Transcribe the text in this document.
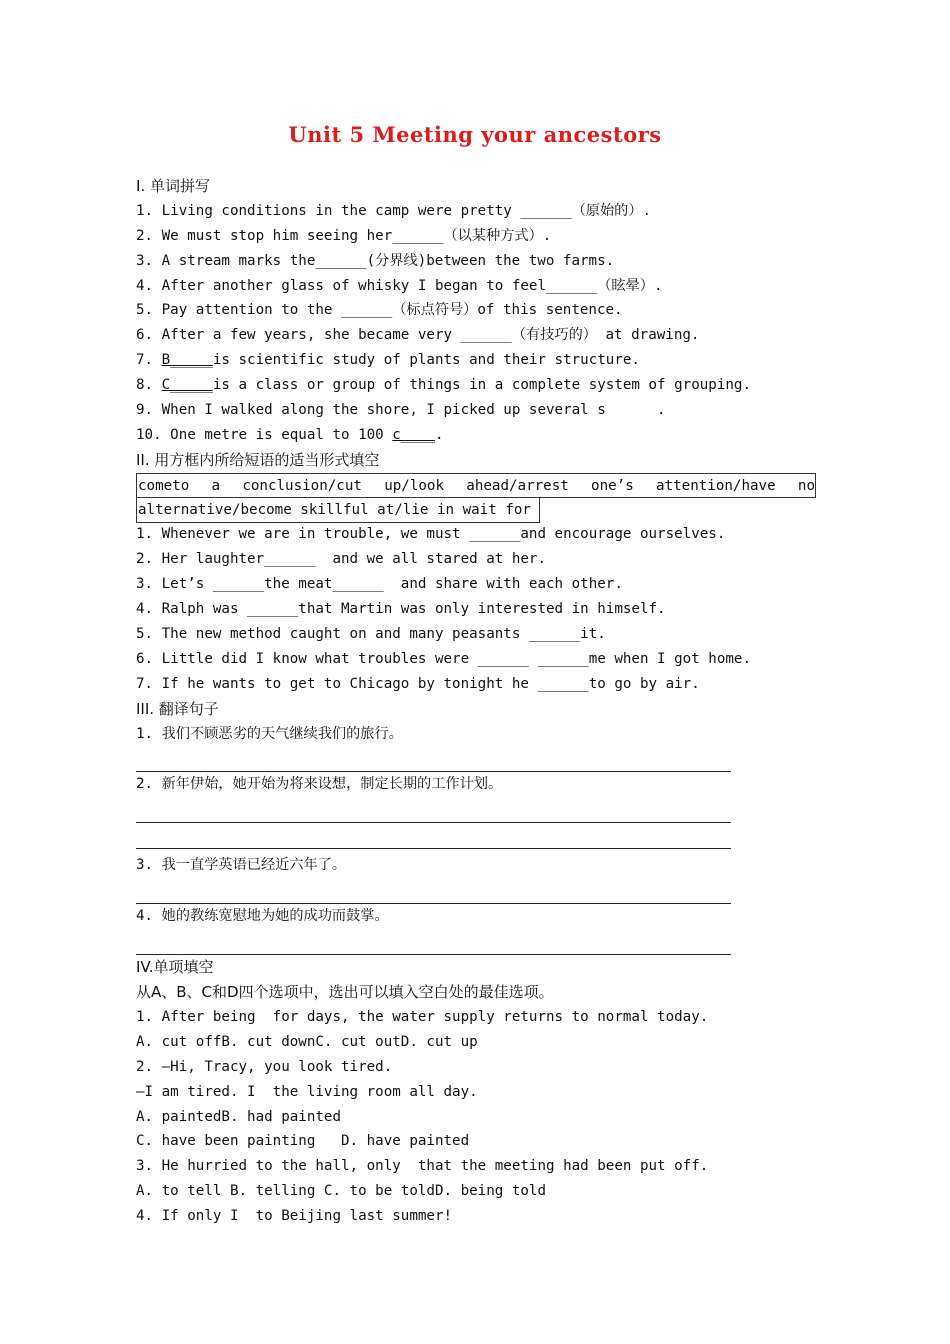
Unit 5 Meeting your ancestors
I. 单词拼写
1. Living conditions in the camp were pretty ______（原始的）.
2. We must stop him seeing her______（以某种方式）.
3. A stream marks the______(分界线)between the two farms.
4. After another glass of whisky I began to feel______（眩晕）.
5. Pay attention to the ______（标点符号）of this sentence.
6. After a few years, she became very ______（有技巧的） at drawing.
7. B_____is scientific study of plants and their structure.
8. C_____is a class or group of things in a complete system of grouping.
9. When I walked along the shore, I picked up several s      .
10. One metre is equal to 100 c____.
II. 用方框内所给短语的适当形式填空
cometo a conclusion/cut up/look ahead/arrest one’s attention/have no
alternative/become skillful at/lie in wait for
1. Whenever we are in trouble, we must ______and encourage ourselves.
2. Her laughter______  and we all stared at her.
3. Let’s ______the meat______  and share with each other.
4. Ralph was ______that Martin was only interested in himself.
5. The new method caught on and many peasants ______it.
6. Little did I know what troubles were ______ ______me when I got home.
7. If he wants to get to Chicago by tonight he ______to go by air.
III. 翻译句子
1. 我们不顾恶劣的天气继续我们的旅行。
2. 新年伊始，她开始为将来设想，制定长期的工作计划。
3. 我一直学英语已经近六年了。
4. 她的教练宽慰地为她的成功而鼓掌。
IV.单项填空
从A、B、C和D四个选项中，选出可以填入空白处的最佳选项。
1. After being  for days, the water supply returns to normal today.
A. cut offB. cut downC. cut outD. cut up
2. —Hi, Tracy, you look tired.
—I am tired. I  the living room all day.
A. paintedB. had painted
C. have been painting   D. have painted
3. He hurried to the hall, only  that the meeting had been put off.
A. to tell B. telling C. to be toldD. being told
4. If only I  to Beijing last summer!
